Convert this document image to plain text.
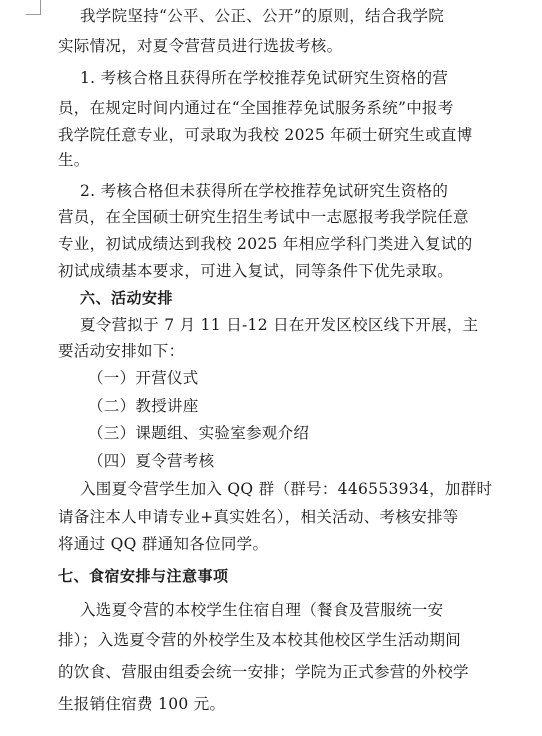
我学院坚持“公平、公正、公开”的原则，结合我学院
实际情况，对夏令营营员进行选拔考核。
1. 考核合格且获得所在学校推荐免试研究生资格的营
员，在规定时间内通过在“全国推荐免试服务系统”中报考
我学院任意专业，可录取为我校 2025 年硕士研究生或直博
生。
2. 考核合格但未获得所在学校推荐免试研究生资格的
营员，在全国硕士研究生招生考试中一志愿报考我学院任意
专业，初试成绩达到我校 2025 年相应学科门类进入复试的
初试成绩基本要求，可进入复试，同等条件下优先录取。
六、活动安排
夏令营拟于 7 月 11 日-12 日在开发区校区线下开展，主
要活动安排如下：
（一）开营仪式
（二）教授讲座
（三）课题组、实验室参观介绍
（四）夏令营考核
入围夏令营学生加入 QQ 群（群号：446553934，加群时
请备注本人申请专业+真实姓名），相关活动、考核安排等
将通过 QQ 群通知各位同学。
七、食宿安排与注意事项
入选夏令营的本校学生住宿自理（餐食及营服统一安
排）；入选夏令营的外校学生及本校其他校区学生活动期间
的饮食、营服由组委会统一安排；学院为正式参营的外校学
生报销住宿费 100 元。
